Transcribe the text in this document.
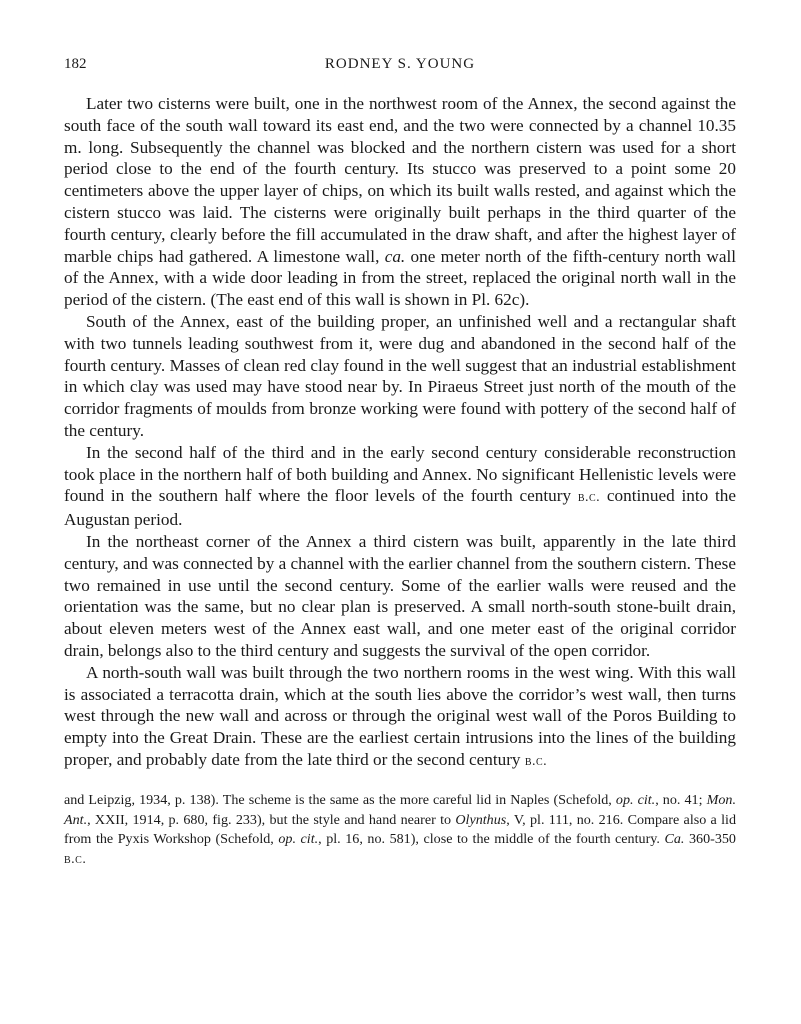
182	RODNEY S. YOUNG

Later two cisterns were built, one in the northwest room of the Annex, the second against the south face of the south wall toward its east end, and the two were connected by a channel 10.35 m. long. Subsequently the channel was blocked and the northern cistern was used for a short period close to the end of the fourth century. Its stucco was preserved to a point some 20 centimeters above the upper layer of chips, on which its built walls rested, and against which the cistern stucco was laid. The cisterns were originally built perhaps in the third quarter of the fourth century, clearly before the fill accumulated in the draw shaft, and after the highest layer of marble chips had gathered. A limestone wall, ca. one meter north of the fifth-century north wall of the Annex, with a wide door leading in from the street, replaced the original north wall in the period of the cistern. (The east end of this wall is shown in Pl. 62c).

South of the Annex, east of the building proper, an unfinished well and a rectangular shaft with two tunnels leading southwest from it, were dug and abandoned in the second half of the fourth century. Masses of clean red clay found in the well suggest that an industrial establishment in which clay was used may have stood near by. In Piraeus Street just north of the mouth of the corridor fragments of moulds from bronze working were found with pottery of the second half of the century.

In the second half of the third and in the early second century considerable reconstruction took place in the northern half of both building and Annex. No significant Hellenistic levels were found in the southern half where the floor levels of the fourth century b.c. continued into the Augustan period.

In the northeast corner of the Annex a third cistern was built, apparently in the late third century, and was connected by a channel with the earlier channel from the southern cistern. These two remained in use until the second century. Some of the earlier walls were reused and the orientation was the same, but no clear plan is preserved. A small north-south stone-built drain, about eleven meters west of the Annex east wall, and one meter east of the original corridor drain, belongs also to the third century and suggests the survival of the open corridor.

A north-south wall was built through the two northern rooms in the west wing. With this wall is associated a terracotta drain, which at the south lies above the corridor’s west wall, then turns west through the new wall and across or through the original west wall of the Poros Building to empty into the Great Drain. These are the earliest certain intrusions into the lines of the building proper, and probably date from the late third or the second century b.c.

and Leipzig, 1934, p. 138). The scheme is the same as the more careful lid in Naples (Schefold, op. cit., no. 41; Mon. Ant., XXII, 1914, p. 680, fig. 233), but the style and hand nearer to Olynthus, V, pl. 111, no. 216. Compare also a lid from the Pyxis Workshop (Schefold, op. cit., pl. 16, no. 581), close to the middle of the fourth century. Ca. 360-350 b.c.
